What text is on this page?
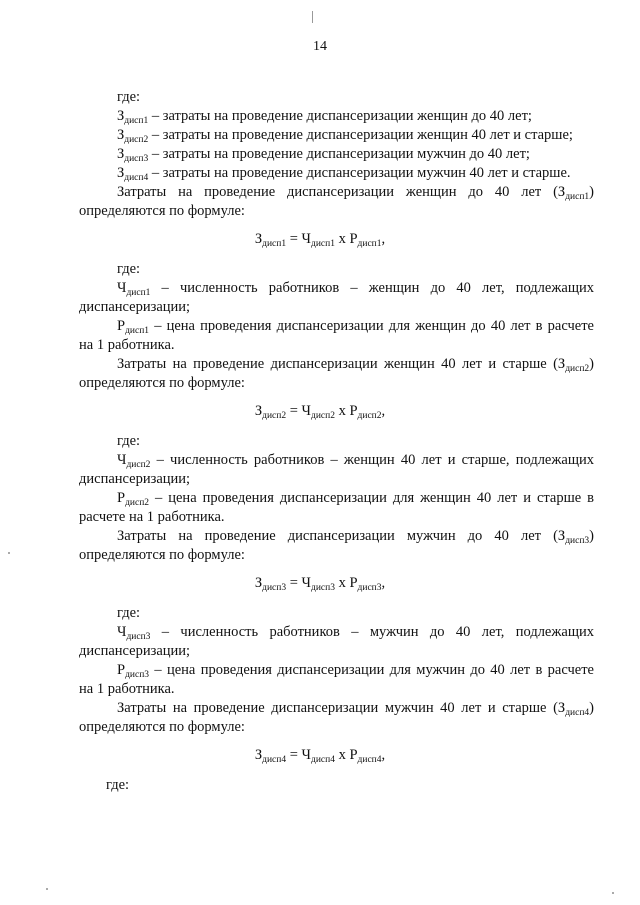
14
где:
$З_{дисп1}$ – затраты на проведение диспансеризации женщин до 40 лет;
$З_{дисп2}$ – затраты на проведение диспансеризации женщин 40 лет и старше;
$З_{дисп3}$ – затраты на проведение диспансеризации мужчин до 40 лет;
$З_{дисп4}$ – затраты на проведение диспансеризации мужчин 40 лет и старше.
Затраты на проведение диспансеризации женщин до 40 лет $(З_{дисп1})$
определяются по формуле:
$З_{дисп1} = Ч_{дисп1}$ x $Р_{дисп1}$,
где:
$Ч_{дисп1}$ – численность работников – женщин до 40 лет, подлежащих
диспансеризации;
$Р_{дисп1}$ – цена проведения диспансеризации для женщин до 40 лет в расчете
на 1 работника.
Затраты на проведение диспансеризации женщин 40 лет и старше $(З_{дисп2})$
определяются по формуле:
$З_{дисп2} = Ч_{дисп2}$ x $Р_{дисп2}$,
где:
$Ч_{дисп2}$ – численность работников – женщин 40 лет и старше, подлежащих
диспансеризации;
$Р_{дисп2}$ – цена проведения диспансеризации для женщин 40 лет и старше в
расчете на 1 работника.
Затраты на проведение диспансеризации мужчин до 40 лет $(З_{дисп3})$
определяются по формуле:
$З_{дисп3} = Ч_{дисп3}$ x $Р_{дисп3}$,
где:
$Ч_{дисп3}$ – численность работников – мужчин до 40 лет, подлежащих
диспансеризации;
$Р_{дисп3}$ – цена проведения диспансеризации для мужчин до 40 лет в расчете
на 1 работника.
Затраты на проведение диспансеризации мужчин 40 лет и старше $(З_{дисп4})$
определяются по формуле:
$З_{дисп4} = Ч_{дисп4}$ x $Р_{дисп4}$,
где:
